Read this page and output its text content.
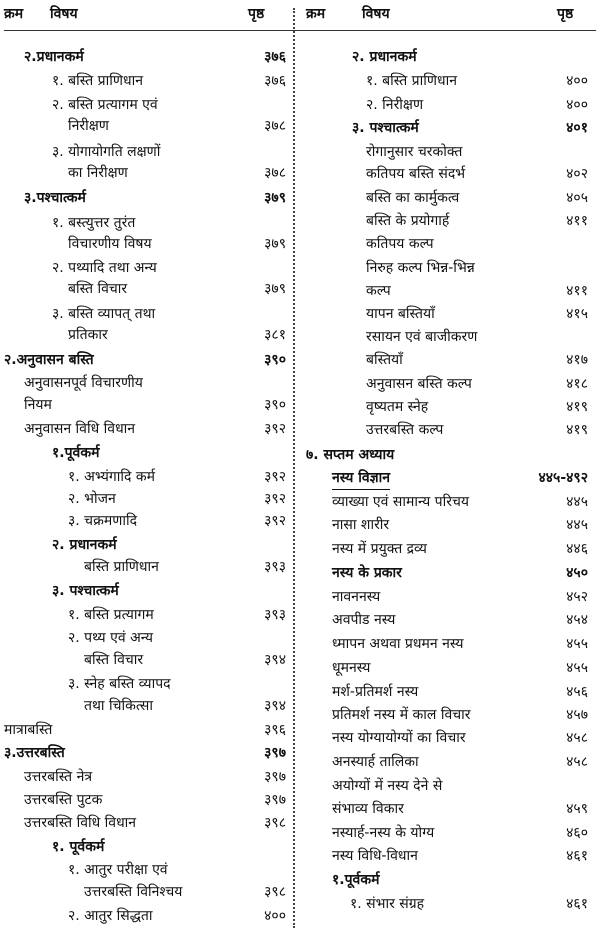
क्रम विषय	पृष्ठ	क्रम	विषय	पृष्ठ
२.प्रधानकर्म	३७६
१. बस्ति प्राणिधान	३७६
२. बस्ति प्रत्यागम एवं
निरीक्षण	३७८
३. योगायोगति लक्षणों
का निरीक्षण	३७८
३.पश्चात्कर्म	३७९
१. बस्त्युत्तर तुरंत
विचारणीय विषय	३७९
२. पथ्यादि तथा अन्य
बस्ति विचार	३७९
३. बस्ति व्यापत् तथा
प्रतिकार	३८१
२.अनुवासन बस्ति	३९०
अनुवासनपूर्व विचारणीय
नियम	३९०
अनुवासन विधि विधान	३९२
१.पूर्वकर्म
१. अभ्यंगादि कर्म	३९२
२. भोजन	३९२
३. चक्रमणादि	३९२
२. प्रधानकर्म
बस्ति प्राणिधान	३९३
३. पश्चात्कर्म
१. बस्ति प्रत्यागम	३९३
२. पथ्य एवं अन्य
बस्ति विचार	३९४
३. स्नेह बस्ति व्यापद
तथा चिकित्सा	३९४
मात्राबस्ति	३९६
३.उत्तरबस्ति	३९७
उत्तरबस्ति नेत्र	३९७
उत्तरबस्ति पुटक	३९७
उत्तरबस्ति विधि विधान	३९८
१. पूर्वकर्म
१. आतुर परीक्षा एवं
उत्तरबस्ति विनिश्चय	३९८
२. आतुर सिद्धता	४००
२. प्रधानकर्म
१. बस्ति प्राणिधान	४००
२. निरीक्षण	४००
३. पश्चात्कर्म	४०१
रोगानुसार चरकोक्त
कतिपय बस्ति संदर्भ	४०२
बस्ति का कार्मुकत्व	४०५
बस्ति के प्रयोगार्ह	४११
कतिपय कल्प
निरुह कल्प भिन्न-भिन्न
कल्प	४११
यापन बस्तियाँ	४१५
रसायन एवं बाजीकरण
बस्तियाँ	४१७
अनुवासन बस्ति कल्प	४१८
वृष्यतम स्नेह	४१९
उत्तरबस्ति कल्प	४१९
७. सप्तम अध्याय
नस्य विज्ञान	४४५-४९२
व्याख्या एवं सामान्य परिचय	४४५
नासा शारीर	४४५
नस्य में प्रयुक्त द्रव्य	४४६
नस्य के प्रकार	४५०
नावननस्य	४५२
अवपीड नस्य	४५४
ध्मापन अथवा प्रधमन नस्य	४५५
धूमनस्य	४५५
मर्श-प्रतिमर्श नस्य	४५६
प्रतिमर्श नस्य में काल विचार	४५७
नस्य योग्यायोग्यों का विचार	४५८
अनस्यार्ह तालिका	४५८
अयोग्यों में नस्य देने से
संभाव्य विकार	४५९
नस्यार्ह-नस्य के योग्य	४६०
नस्य विधि-विधान	४६१
१.पूर्वकर्म
१. संभार संग्रह	४६१
